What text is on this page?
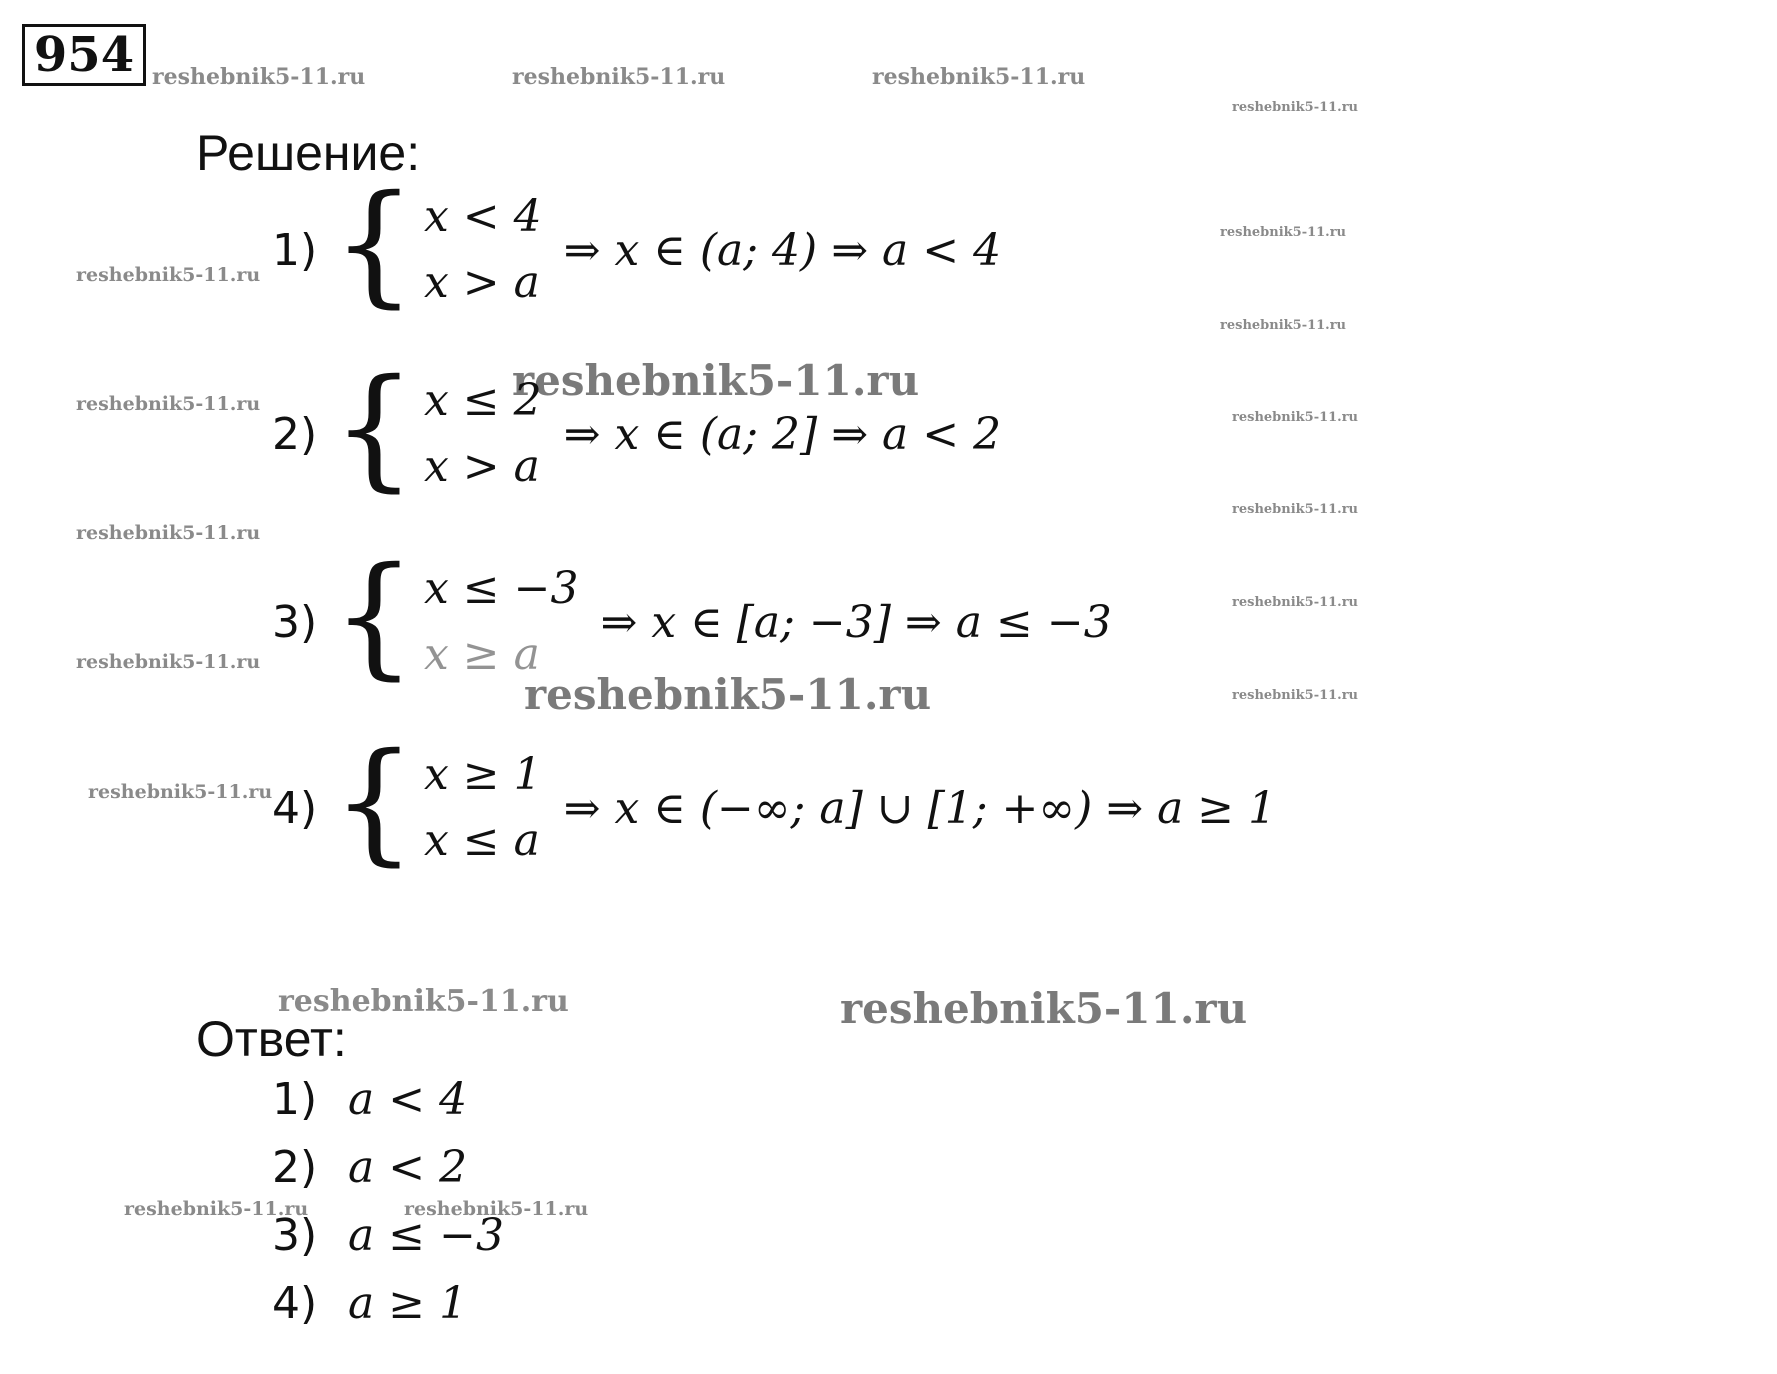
954 reshebnik5-11.ru	reshebnik5-11.ru	reshebnik5-11.ru
reshebnik5-11.ru
reshebnik5-11.ru
reshebnik5-11.ru
reshebnik5-11.ru
reshebnik5-11.ru
reshebnik5-11.ru
reshebnik5-11.ru
reshebnik5-11.ru
reshebnik5-11.ru
reshebnik5-11.ru
reshebnik5-11.ru
reshebnik5-11.ru
reshebnik5-11.ru
reshebnik5-11.ru
reshebnik5-11.ru	reshebnik5-11.ru
reshebnik5-11.ru	reshebnik5-11.ru
Решение:
1) { x < 4
x > a
⇒ x ∈ (a; 4) ⇒ a < 4
2) { x ≤ 2
x > a
⇒ x ∈ (a; 2] ⇒ a < 2
3) { x ≤ −3
x ≥ a
⇒ x ∈ [a; −3] ⇒ a ≤ −3
4) { x ≥ 1
x ≤ a
⇒ x ∈ (−∞; a] ∪ [1; +∞) ⇒ a ≥ 1
Ответ:
1) a < 4
2) a < 2
3) a ≤ −3
4) a ≥ 1
